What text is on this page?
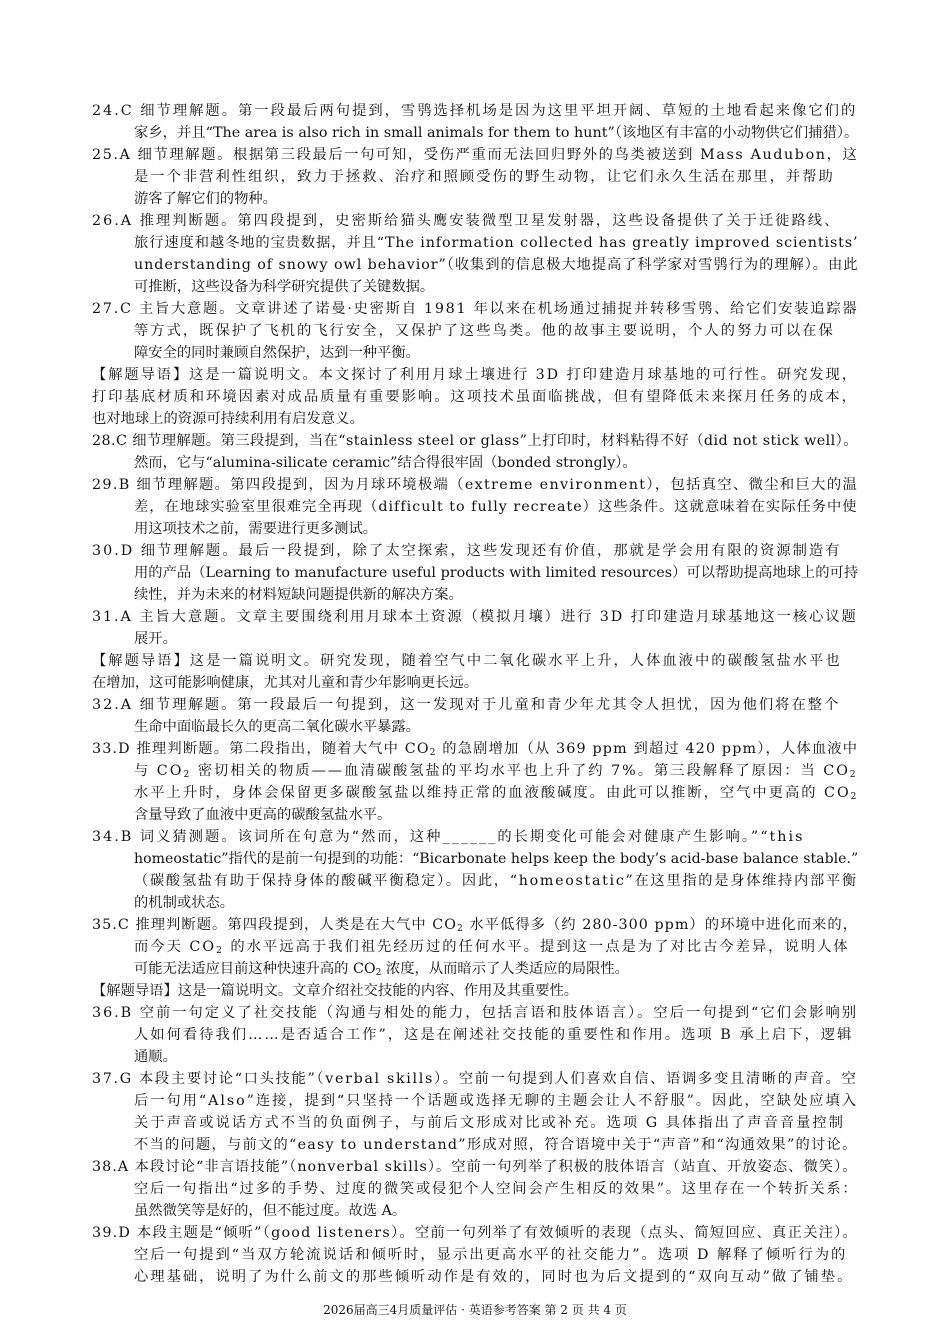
24.C 细节理解题。第一段最后两句提到，雪鸮选择机场是因为这里平坦开阔、草短的土地看起来像它们的
家乡，并且“The area is also rich in small animals for them to hunt”（该地区有丰富的小动物供它们捕猎）。
25.A 细节理解题。根据第三段最后一句可知，受伤严重而无法回归野外的鸟类被送到 Mass Audubon，这
是一个非营利性组织，致力于拯救、治疗和照顾受伤的野生动物，让它们永久生活在那里，并帮助
游客了解它们的物种。
26.A 推理判断题。第四段提到，史密斯给猫头鹰安装微型卫星发射器，这些设备提供了关于迁徙路线、
旅行速度和越冬地的宝贵数据，并且“The information collected has greatly improved scientists’
understanding of snowy owl behavior”（收集到的信息极大地提高了科学家对雪鸮行为的理解）。由此
可推断，这些设备为科学研究提供了关键数据。
27.C 主旨大意题。文章讲述了诺曼·史密斯自 1981 年以来在机场通过捕捉并转移雪鸮、给它们安装追踪器
等方式，既保护了飞机的飞行安全，又保护了这些鸟类。他的故事主要说明，个人的努力可以在保
障安全的同时兼顾自然保护，达到一种平衡。
【解题导语】这是一篇说明文。本文探讨了利用月球土壤进行 3D 打印建造月球基地的可行性。研究发现，
打印基底材质和环境因素对成品质量有重要影响。这项技术虽面临挑战，但有望降低未来探月任务的成本，
也对地球上的资源可持续利用有启发意义。
28.C 细节理解题。第三段提到，当在“stainless steel or glass”上打印时，材料粘得不好（did not stick well）。
然而，它与“alumina-silicate ceramic”结合得很牢固（bonded strongly）。
29.B 细节理解题。第四段提到，因为月球环境极端（extreme environment），包括真空、微尘和巨大的温
差，在地球实验室里很难完全再现（difficult to fully recreate）这些条件。这就意味着在实际任务中使
用这项技术之前，需要进行更多测试。
30.D 细节理解题。最后一段提到，除了太空探索，这些发现还有价值，那就是学会用有限的资源制造有
用的产品（Learning to manufacture useful products with limited resources）可以帮助提高地球上的可持
续性，并为未来的材料短缺问题提供新的解决方案。
31.A 主旨大意题。文章主要围绕利用月球本土资源（模拟月壤）进行 3D 打印建造月球基地这一核心议题
展开。
【解题导语】这是一篇说明文。研究发现，随着空气中二氧化碳水平上升，人体血液中的碳酸氢盐水平也
在增加，这可能影响健康，尤其对儿童和青少年影响更长远。
32.A 细节理解题。第一段最后一句提到，这一发现对于儿童和青少年尤其令人担忧，因为他们将在整个
生命中面临最长久的更高二氧化碳水平暴露。
33.D 推理判断题。第二段指出，随着大气中 $CO_2$ 的急剧增加（从 369 ppm 到超过 420 ppm），人体血液中
与 $CO_2$ 密切相关的物质——血清碳酸氢盐的平均水平也上升了约 7%。第三段解释了原因：当 $CO_2$
水平上升时，身体会保留更多碳酸氢盐以维持正常的血液酸碱度。由此可以推断，空气中更高的 $CO_2$
含量导致了血液中更高的碳酸氢盐水平。
34.B 词义猜测题。该词所在句意为“然而，这种______的长期变化可能会对健康产生影响。”“this
homeostatic”指代的是前一句提到的功能：“Bicarbonate helps keep the body’s acid-base balance stable.”
（碳酸氢盐有助于保持身体的酸碱平衡稳定）。因此，“homeostatic”在这里指的是身体维持内部平衡
的机制或状态。
35.C 推理判断题。第四段提到，人类是在大气中 $CO_2$ 水平低得多（约 280-300 ppm）的环境中进化而来的，
而今天 $CO_2$ 的水平远高于我们祖先经历过的任何水平。提到这一点是为了对比古今差异，说明人体
可能无法适应目前这种快速升高的 $CO_2$ 浓度，从而暗示了人类适应的局限性。
【解题导语】这是一篇说明文。文章介绍社交技能的内容、作用及其重要性。
36.B 空前一句定义了社交技能（沟通与相处的能力，包括言语和肢体语言）。空后一句提到“它们会影响别
人如何看待我们……是否适合工作”，这是在阐述社交技能的重要性和作用。选项 B 承上启下，逻辑
通顺。
37.G 本段主要讨论“口头技能”（verbal skills）。空前一句提到人们喜欢自信、语调多变且清晰的声音。空
后一句用“Also”连接，提到“只坚持一个话题或选择无聊的主题会让人不舒服”。因此，空缺处应填入
关于声音或说话方式不当的负面例子，与前后文形成对比或补充。选项 G 具体指出了声音音量控制
不当的问题，与前文的“easy to understand”形成对照，符合语境中关于“声音”和“沟通效果”的讨论。
38.A 本段讨论“非言语技能”（nonverbal skills）。空前一句列举了积极的肢体语言（站直、开放姿态、微笑）。
空后一句指出“过多的手势、过度的微笑或侵犯个人空间会产生相反的效果”。这里存在一个转折关系：
虽然微笑等是好的，但不能过度。故选 A。
39.D 本段主题是“倾听”（good listeners）。空前一句列举了有效倾听的表现（点头、简短回应、真正关注）。
空后一句提到“当双方轮流说话和倾听时，显示出更高水平的社交能力”。选项 D 解释了倾听行为的
心理基础，说明了为什么前文的那些倾听动作是有效的，同时也为后文提到的“双向互动”做了铺垫。
2026届高三4月质量评估 · 英语参考答案 第 2 页 共 4 页
